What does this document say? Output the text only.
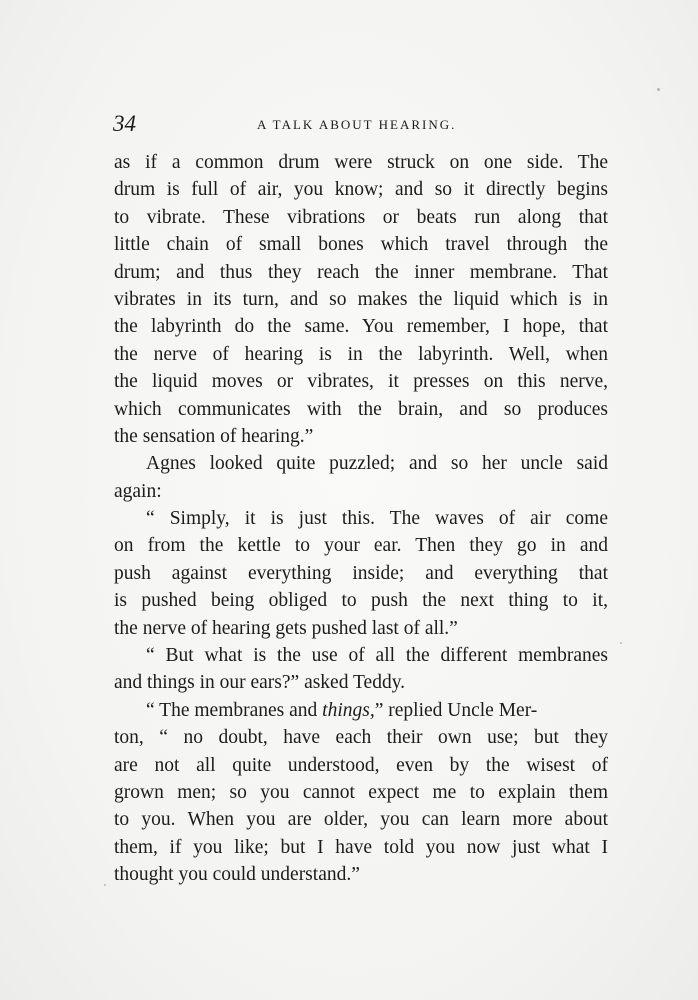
34	A TALK ABOUT HEARING.
as if a common drum were struck on one side. The
drum is full of air, you know; and so it directly begins
to vibrate. These vibrations or beats run along that
little chain of small bones which travel through the
drum; and thus they reach the inner membrane. That
vibrates in its turn, and so makes the liquid which is in
the labyrinth do the same. You remember, I hope, that
the nerve of hearing is in the labyrinth. Well, when
the liquid moves or vibrates, it presses on this nerve,
which communicates with the brain, and so produces
the sensation of hearing.”
Agnes looked quite puzzled; and so her uncle said
again:
“ Simply, it is just this. The waves of air come
on from the kettle to your ear. Then they go in and
push against everything inside; and everything that
is pushed being obliged to push the next thing to it,
the nerve of hearing gets pushed last of all.”
“ But what is the use of all the different membranes
and things in our ears?” asked Teddy.
“ The membranes and things,” replied Uncle Mer-
ton, “ no doubt, have each their own use; but they
are not all quite understood, even by the wisest of
grown men; so you cannot expect me to explain them
to you. When you are older, you can learn more about
them, if you like; but I have told you now just what I
thought you could understand.”
